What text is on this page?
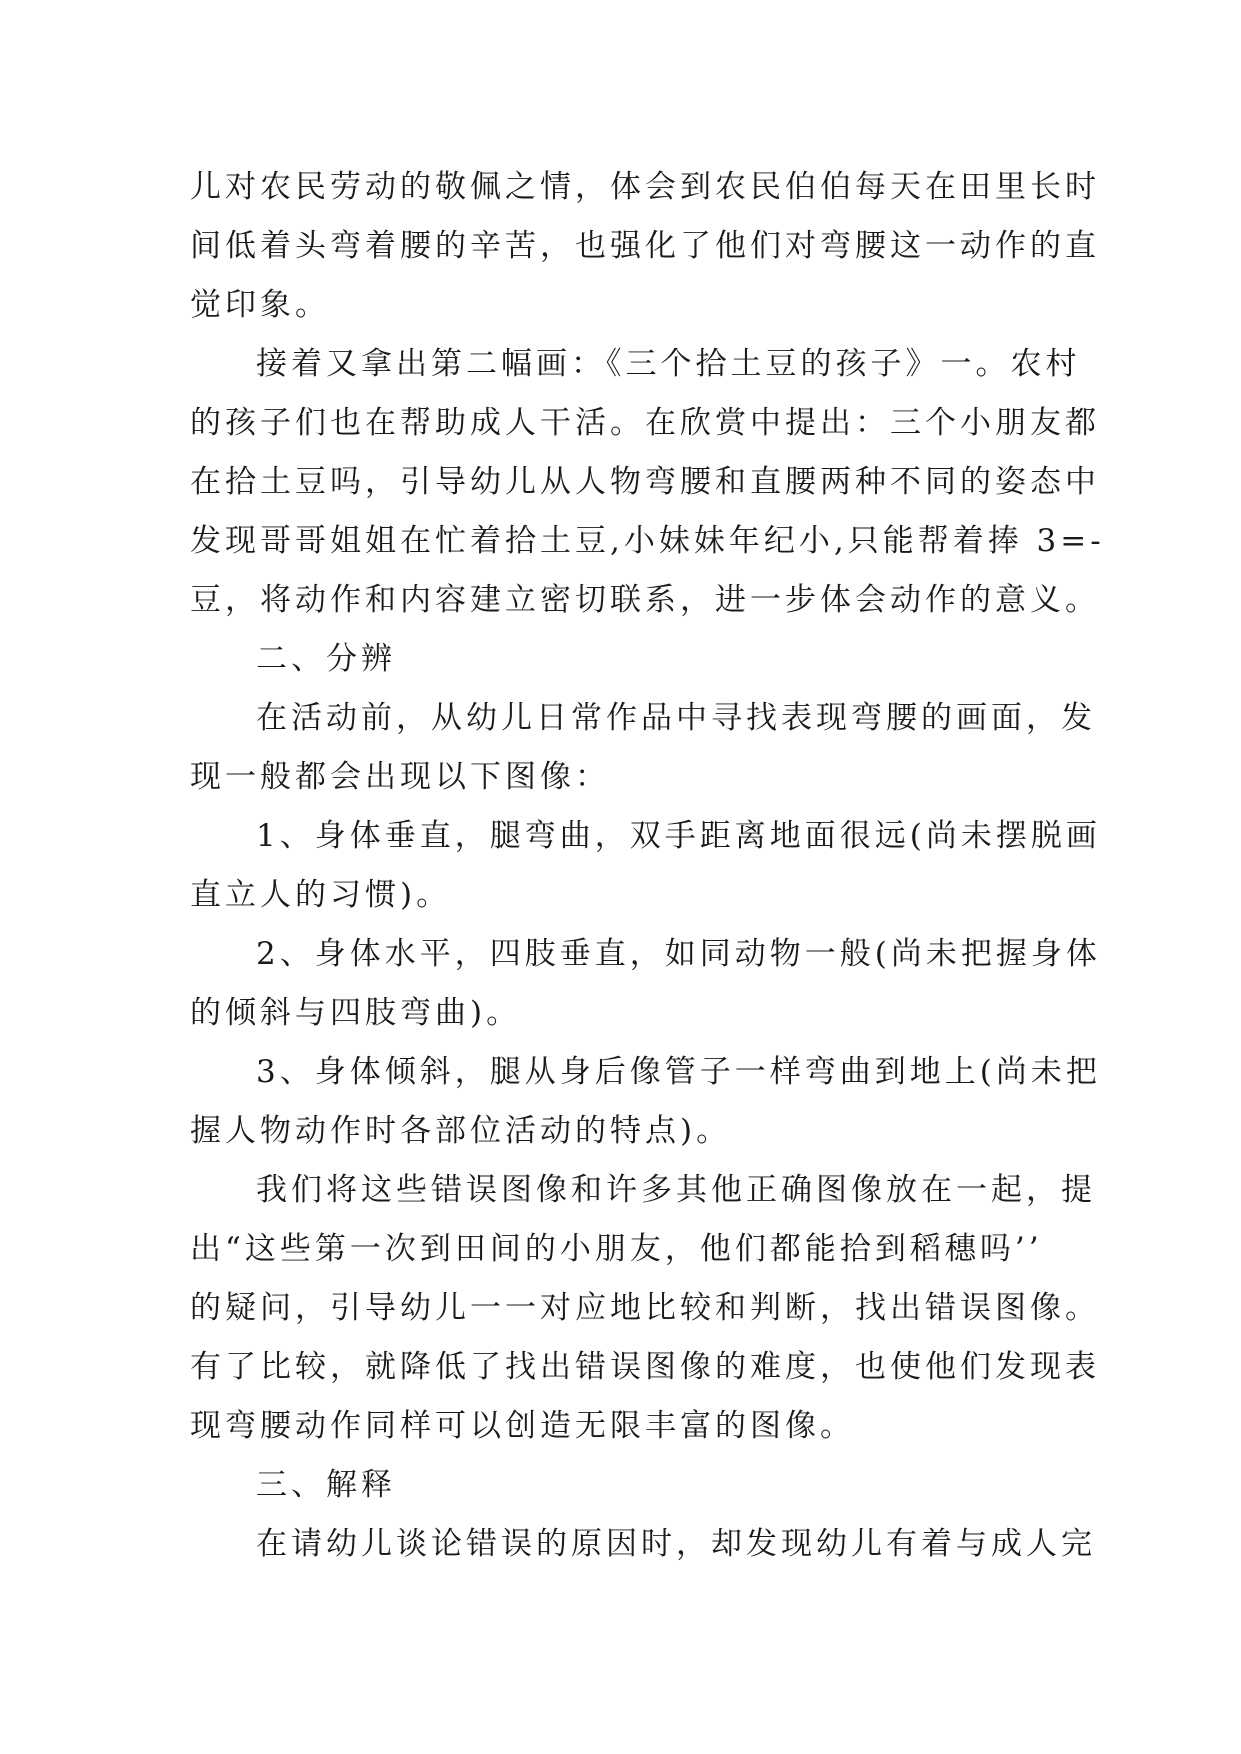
儿对农民劳动的敬佩之情，体会到农民伯伯每天在田里长时
间低着头弯着腰的辛苦，也强化了他们对弯腰这一动作的直
觉印象。
接着又拿出第二幅画：《三个拾土豆的孩子》一。农村
的孩子们也在帮助成人干活。在欣赏中提出：三个小朋友都
在拾土豆吗，引导幼儿从人物弯腰和直腰两种不同的姿态中
发现哥哥姐姐在忙着拾土豆,小妹妹年纪小,只能帮着捧 3=-
豆，将动作和内容建立密切联系，进一步体会动作的意义。
二、分辨
在活动前，从幼儿日常作品中寻找表现弯腰的画面，发
现一般都会出现以下图像：
1、身体垂直，腿弯曲，双手距离地面很远(尚未摆脱画
直立人的习惯)。
2、身体水平，四肢垂直，如同动物一般(尚未把握身体
的倾斜与四肢弯曲)。
3、身体倾斜，腿从身后像管子一样弯曲到地上(尚未把
握人物动作时各部位活动的特点)。
我们将这些错误图像和许多其他正确图像放在一起，提
出“这些第一次到田间的小朋友，他们都能拾到稻穗吗’’
的疑问，引导幼儿一一对应地比较和判断，找出错误图像。
有了比较，就降低了找出错误图像的难度，也使他们发现表
现弯腰动作同样可以创造无限丰富的图像。
三、解释
在请幼儿谈论错误的原因时，却发现幼儿有着与成人完
